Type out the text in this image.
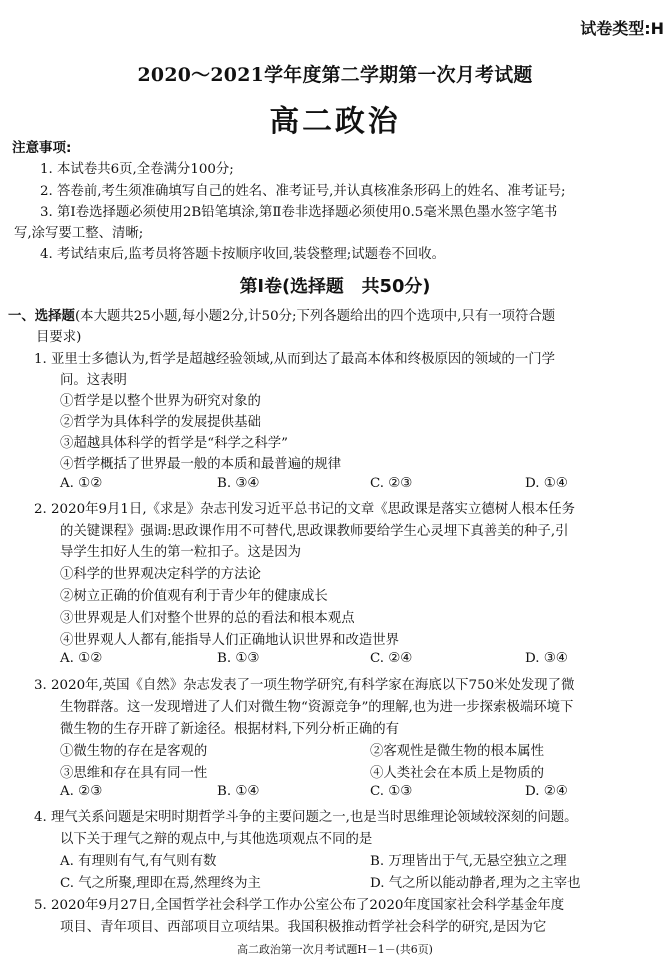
试卷类型:H
2020～2021学年度第二学期第一次月考试题
高二政治
注意事项:
1. 本试卷共6页,全卷满分100分;
2. 答卷前,考生须准确填写自己的姓名、准考证号,并认真核准条形码上的姓名、准考证号;
3. 第Ⅰ卷选择题必须使用2B铅笔填涂,第Ⅱ卷非选择题必须使用0.5毫米黑色墨水签字笔书
写,涂写要工整、清晰;
4. 考试结束后,监考员将答题卡按顺序收回,装袋整理;试题卷不回收。
第Ⅰ卷(选择题　共50分)
一、选择题(本大题共25小题,每小题2分,计50分;下列各题给出的四个选项中,只有一项符合题
目要求)
1. 亚里士多德认为,哲学是超越经验领域,从而到达了最高本体和终极原因的领域的一门学
问。这表明
①哲学是以整个世界为研究对象的
②哲学为具体科学的发展提供基础
③超越具体科学的哲学是“科学之科学”
④哲学概括了世界最一般的本质和最普遍的规律
A. ①②	B. ③④	C. ②③	D. ①④
2. 2020年9月1日,《求是》杂志刊发习近平总书记的文章《思政课是落实立德树人根本任务
的关键课程》强调:思政课作用不可替代,思政课教师要给学生心灵埋下真善美的种子,引
导学生扣好人生的第一粒扣子。这是因为
①科学的世界观决定科学的方法论
②树立正确的价值观有利于青少年的健康成长
③世界观是人们对整个世界的总的看法和根本观点
④世界观人人都有,能指导人们正确地认识世界和改造世界
A. ①②	B. ①③	C. ②④	D. ③④
3. 2020年,英国《自然》杂志发表了一项生物学研究,有科学家在海底以下750米处发现了微
生物群落。这一发现增进了人们对微生物“资源竞争”的理解,也为进一步探索极端环境下
微生物的生存开辟了新途径。根据材料,下列分析正确的有
①微生物的存在是客观的	②客观性是微生物的根本属性
③思维和存在具有同一性	④人类社会在本质上是物质的
A. ②③	B. ①④	C. ①③	D. ②④
4. 理气关系问题是宋明时期哲学斗争的主要问题之一,也是当时思维理论领域较深刻的问题。
以下关于理气之辩的观点中,与其他选项观点不同的是
A. 有理则有气,有气则有数	B. 万理皆出于气,无悬空独立之理
C. 气之所聚,理即在焉,然理终为主	D. 气之所以能动静者,理为之主宰也
5. 2020年9月27日,全国哲学社会科学工作办公室公布了2020年度国家社会科学基金年度
项目、青年项目、西部项目立项结果。我国积极推动哲学社会科学的研究,是因为它
高二政治第一次月考试题H－1－(共6页)
